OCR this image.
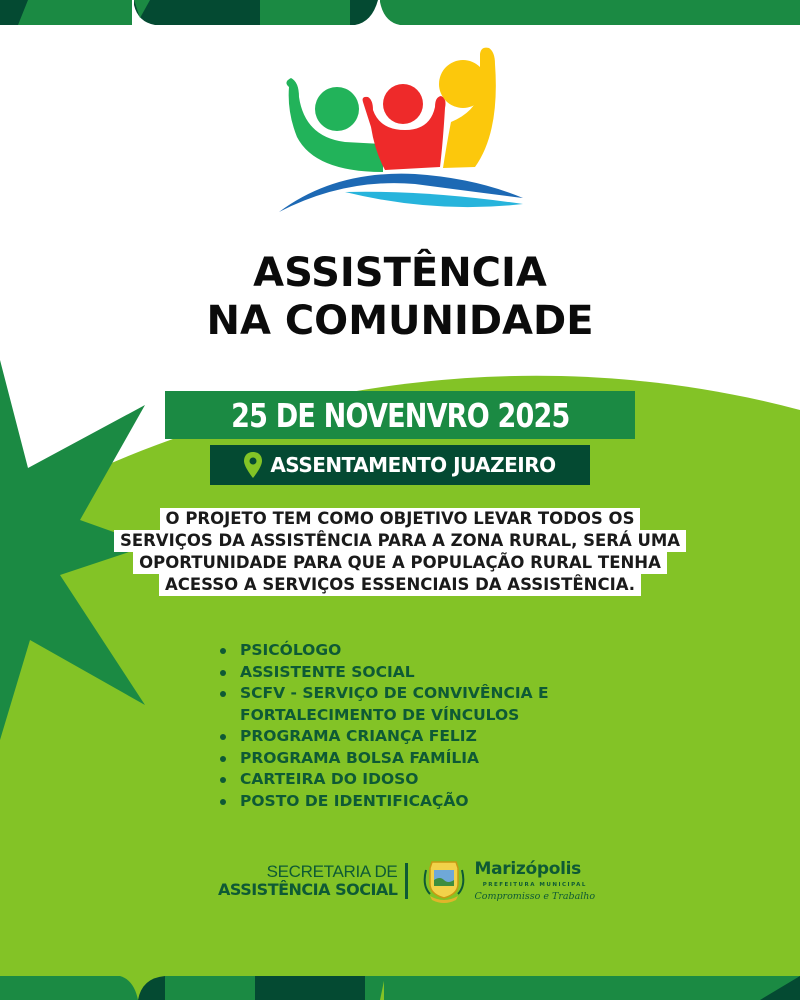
ASSISTÊNCIA
NA COMUNIDADE
25 DE NOVENVRO 2025
ASSENTAMENTO JUAZEIRO
O PROJETO TEM COMO OBJETIVO LEVAR TODOS OS
SERVIÇOS DA ASSISTÊNCIA PARA A ZONA RURAL, SERÁ UMA
OPORTUNIDADE PARA QUE A POPULAÇÃO RURAL TENHA
ACESSO A SERVIÇOS ESSENCIAIS DA ASSISTÊNCIA.
PSICÓLOGO
ASSISTENTE SOCIAL
SCFV - SERVIÇO DE CONVIVÊNCIA E
FORTALECIMENTO DE VÍNCULOS
PROGRAMA CRIANÇA FELIZ
PROGRAMA BOLSA FAMÍLIA
CARTEIRA DO IDOSO
POSTO DE IDENTIFICAÇÃO
SECRETARIA DE
ASSISTÊNCIA SOCIAL
Marizópolis
PREFEITURA MUNICIPAL
Compromisso e Trabalho
